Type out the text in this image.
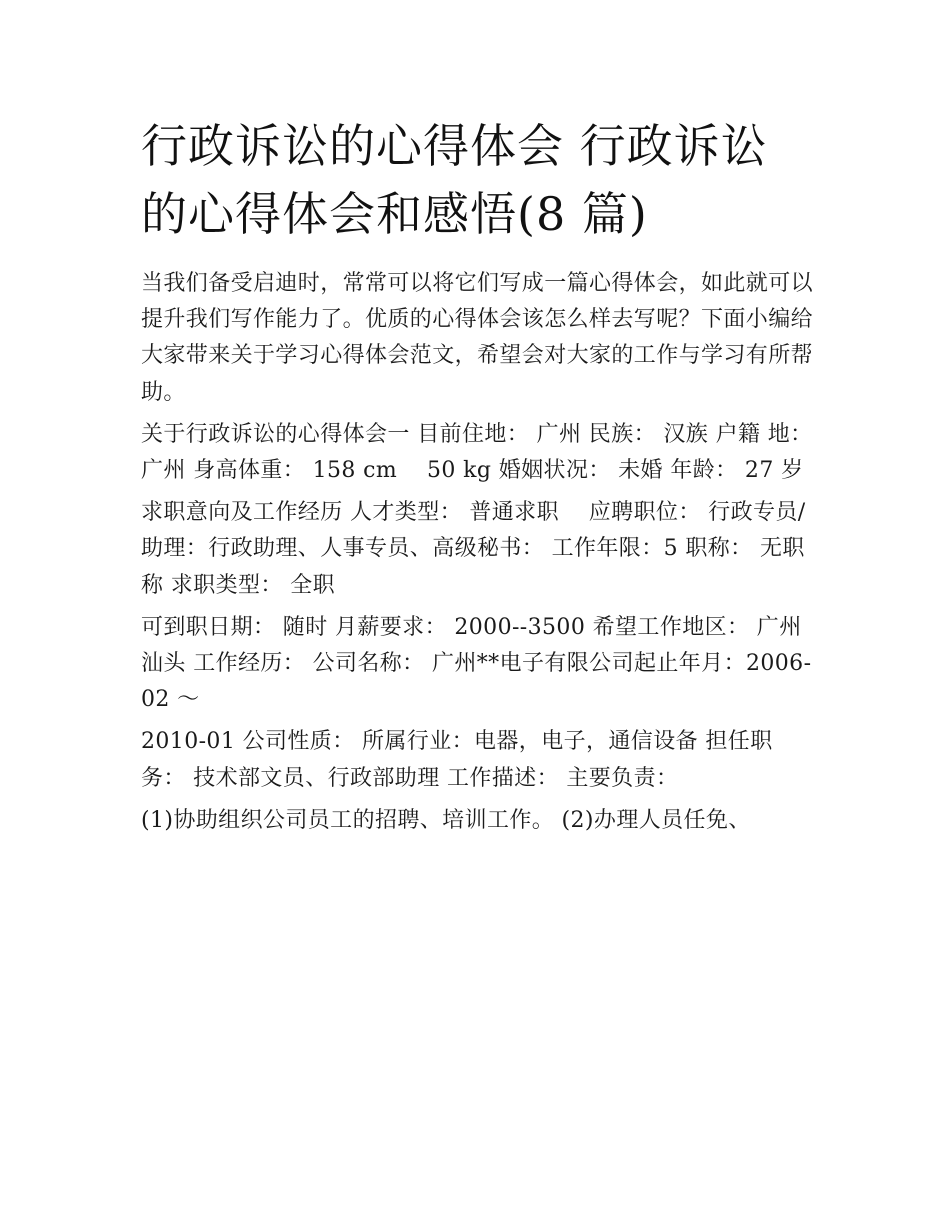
行政诉讼的心得体会 行政诉讼的心得体会和感悟(8 篇)

当我们备受启迪时，常常可以将它们写成一篇心得体会，如此就可以提升我们写作能力了。优质的心得体会该怎么样去写呢？下面小编给大家带来关于学习心得体会范文，希望会对大家的工作与学习有所帮助。

关于行政诉讼的心得体会一 目前住地： 广州 民族： 汉族 户籍 地： 广州 身高体重： 158 cm　 50 kg 婚姻状况： 未婚 年龄： 27 岁

求职意向及工作经历 人才类型： 普通求职　 应聘职位： 行政专员/助理：行政助理、人事专员、高级秘书： 工作年限：5 职称： 无职称 求职类型： 全职

可到职日期： 随时 月薪要求： 2000--3500 希望工作地区： 广州 汕头 工作经历： 公司名称： 广州**电子有限公司起止年月：2006-02 ～

2010-01 公司性质： 所属行业：电器，电子，通信设备 担任职务： 技术部文员、行政部助理 工作描述： 主要负责：

(1)协助组织公司员工的招聘、培训工作。 (2)办理人员任免、
